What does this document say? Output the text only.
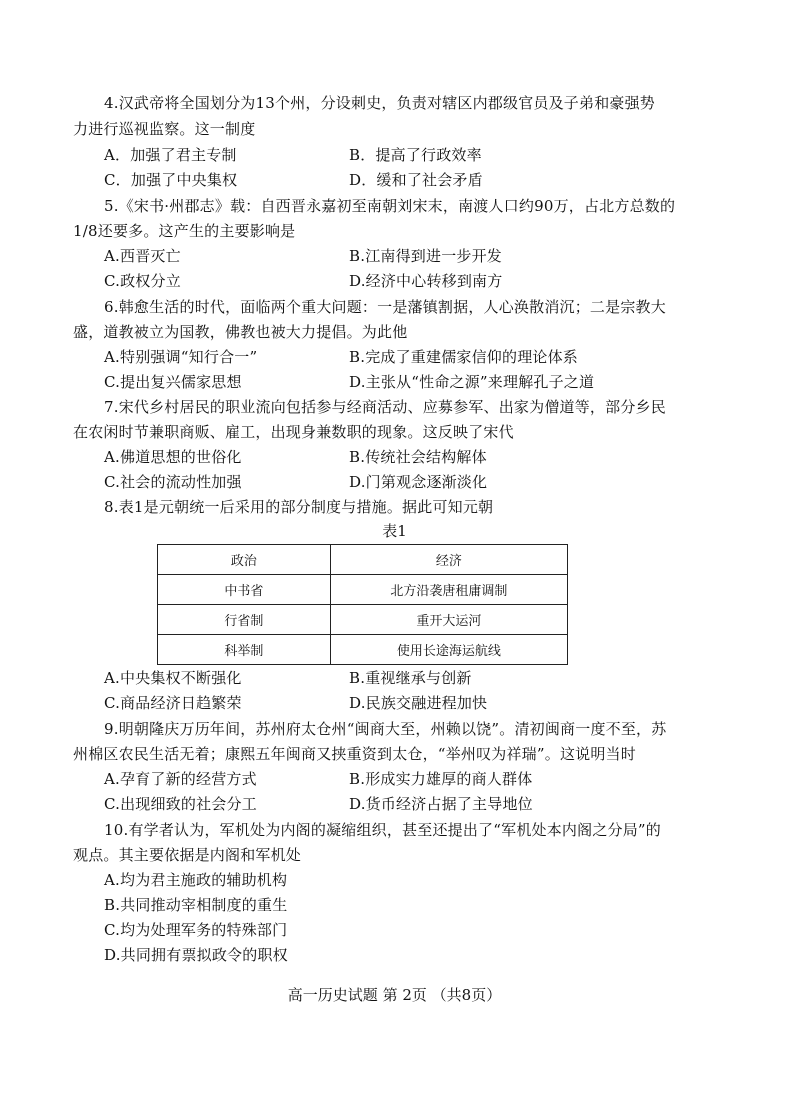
4.汉武帝将全国划分为13个州，分设刺史，负责对辖区内郡级官员及子弟和豪强势
力进行巡视监察。这一制度
A．加强了君主专制	B．提高了行政效率
C．加强了中央集权	D．缓和了社会矛盾
5.《宋书·州郡志》载：自西晋永嘉初至南朝刘宋末，南渡人口约90万，占北方总数的
1/8还要多。这产生的主要影响是
A.西晋灭亡	B.江南得到进一步开发
C.政权分立	D.经济中心转移到南方
6.韩愈生活的时代，面临两个重大问题：一是藩镇割据，人心涣散消沉；二是宗教大
盛，道教被立为国教，佛教也被大力提倡。为此他
A.特别强调“知行合一”	B.完成了重建儒家信仰的理论体系
C.提出复兴儒家思想	D.主张从“性命之源”来理解孔子之道
7.宋代乡村居民的职业流向包括参与经商活动、应募参军、出家为僧道等，部分乡民
在农闲时节兼职商贩、雇工，出现身兼数职的现象。这反映了宋代
A.佛道思想的世俗化	B.传统社会结构解体
C.社会的流动性加强	D.门第观念逐渐淡化
8.表1是元朝统一后采用的部分制度与措施。据此可知元朝
表1
政治	经济
中书省	北方沿袭唐租庸调制
行省制	重开大运河
科举制	使用长途海运航线
A.中央集权不断强化	B.重视继承与创新
C.商品经济日趋繁荣	D.民族交融进程加快
9.明朝隆庆万历年间，苏州府太仓州“闽商大至，州赖以饶”。清初闽商一度不至，苏
州棉区农民生活无着；康熙五年闽商又挟重资到太仓，“举州叹为祥瑞”。这说明当时
A.孕育了新的经营方式	B.形成实力雄厚的商人群体
C.出现细致的社会分工	D.货币经济占据了主导地位
10.有学者认为，军机处为内阁的凝缩组织，甚至还提出了“军机处本内阁之分局”的
观点。其主要依据是内阁和军机处
A.均为君主施政的辅助机构
B.共同推动宰相制度的重生
C.均为处理军务的特殊部门
D.共同拥有票拟政令的职权
高一历史试题 第 2页 （共8页）
